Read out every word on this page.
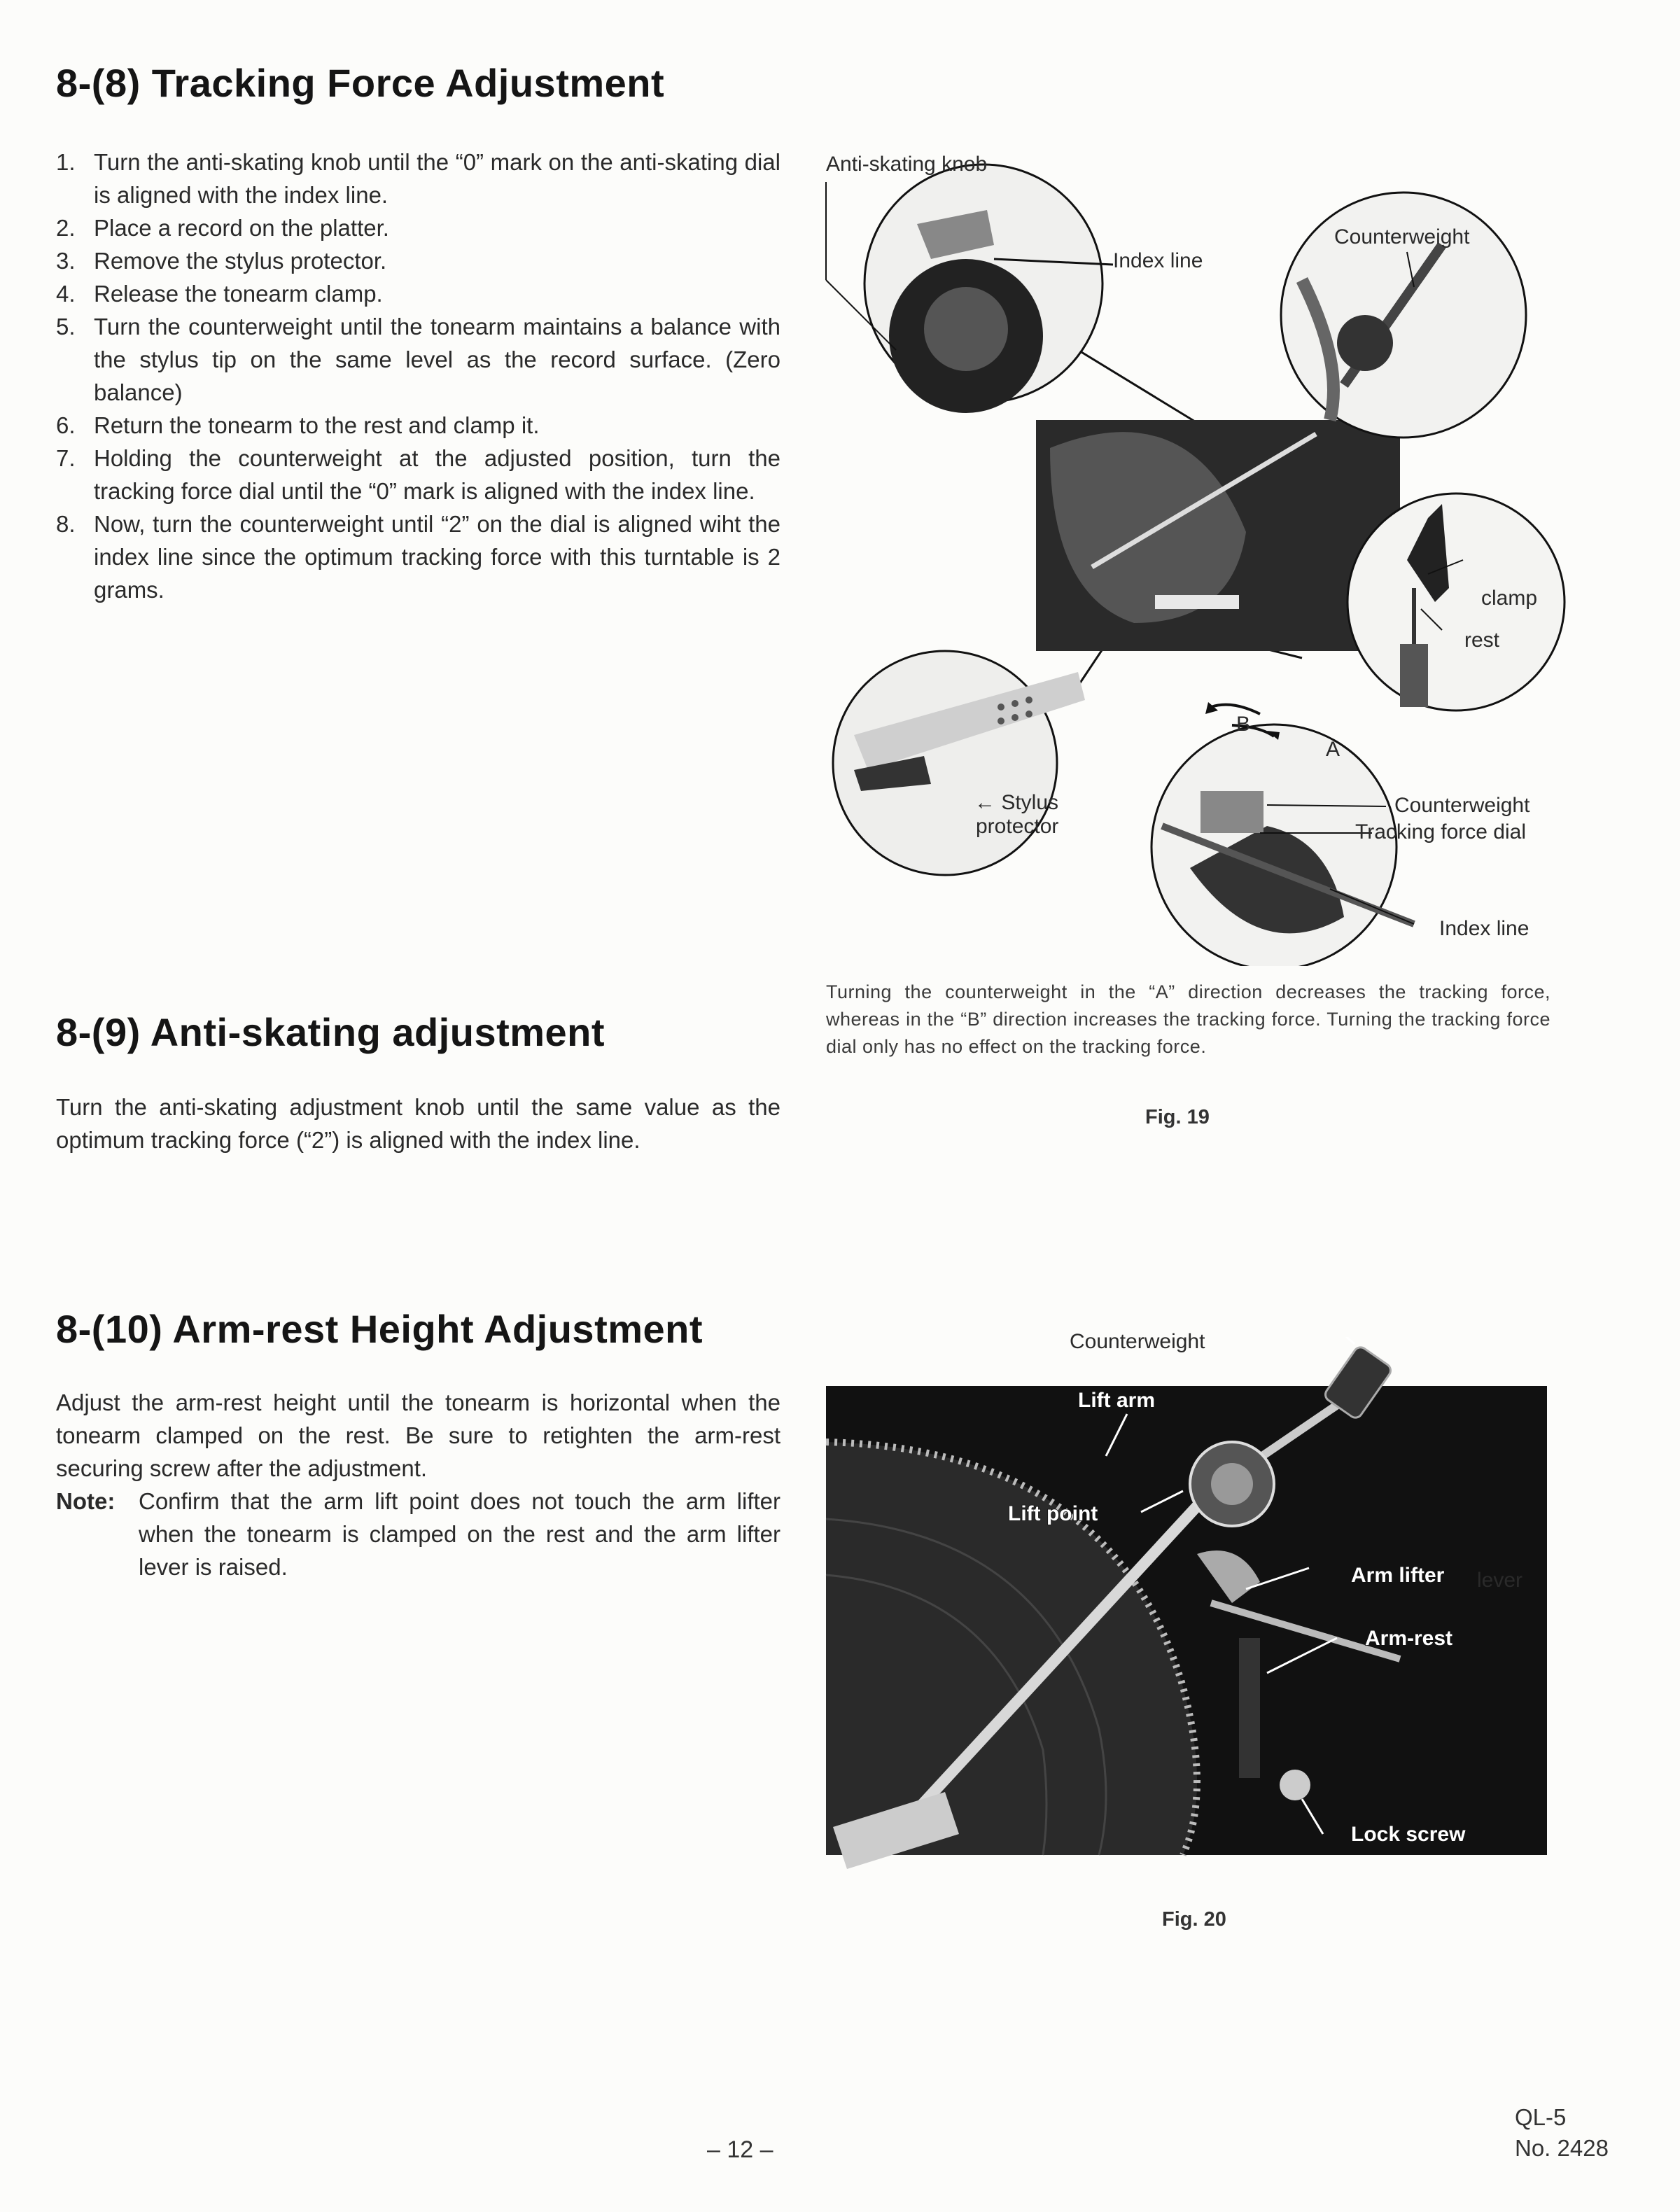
8-(8) Tracking Force Adjustment
1. Turn the anti-skating knob until the “0” mark on the anti-skating dial is aligned with the index line.
2. Place a record on the platter.
3. Remove the stylus protector.
4. Release the tonearm clamp.
5. Turn the counterweight until the tonearm maintains a balance with the stylus tip on the same level as the record surface. (Zero balance)
6. Return the tonearm to the rest and clamp it.
7. Holding the counterweight at the adjusted position, turn the tracking force dial until the “0” mark is aligned with the index line.
8. Now, turn the counterweight until “2” on the dial is aligned wiht the index line since the optimum tracking force with this turntable is 2 grams.
8-(9) Anti-skating adjustment

Turn the anti-skating adjustment knob until the same value as the optimum tracking force (“2”) is aligned with the index line.

8-(10) Arm-rest Height Adjustment

Adjust the arm-rest height until the tonearm is horizontal when the tonearm clamped on the rest. Be sure to retighten the arm-rest securing screw after the adjustment.

Note:	Confirm that the arm lift point does not touch the arm lifter when the tonearm is clamped on the rest and the arm lifter lever is raised.
Anti-skating knob
Index line
Counterweight
clamp
rest
← Stylus
protector
B
A
Counterweight
Tracking force dial
Index line

Turning the counterweight in the “A” direction decreases the tracking force, whereas in the “B” direction increases the tracking force. Turning the tracking force dial only has no effect on the tracking force.

Fig. 19
Counterweight
Lift arm
Lift point
Arm lifter
Arm-rest
Lock screw
lever
Fig. 20
– 12 –
QL-5
No. 2428
